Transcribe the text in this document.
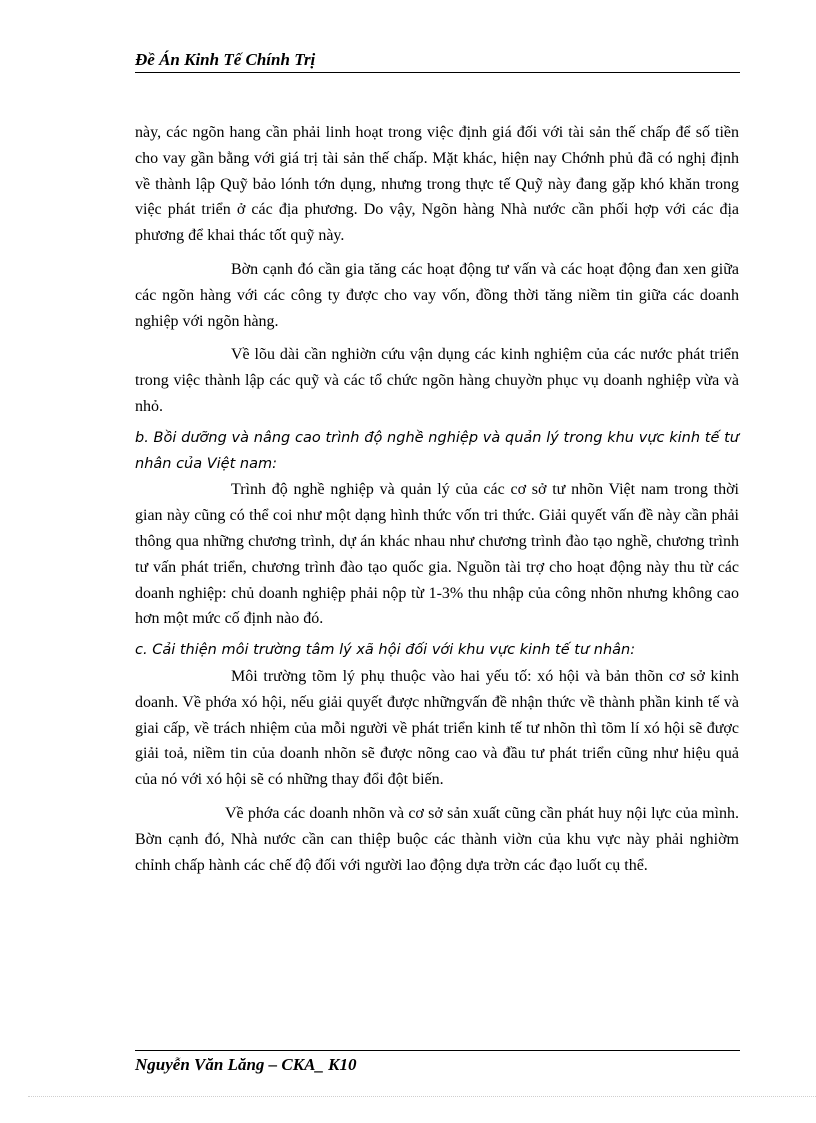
Đề Án Kinh Tế Chính Trị

này, các ngõn hang cần phải linh hoạt trong việc định giá đối với tài sản thế chấp để số tiền cho vay gần bằng với giá trị tài sản thế chấp. Mặt khác, hiện nay Chớnh phủ đã có nghị định về thành lập Quỹ bảo lónh tớn dụng, nhưng trong thực tế Quỹ này đang gặp khó khăn trong việc phát triển ở các địa phương. Do vậy, Ngõn hàng Nhà nước cần phối hợp với các địa phương để khai thác tốt quỹ này.

Bờn cạnh đó cần gia tăng các hoạt động tư vấn và các hoạt động đan xen giữa các ngõn hàng với các công ty được cho vay vốn, đồng thời tăng niềm tin giữa các doanh nghiệp với ngõn hàng.

Về lõu dài cần nghiờn cứu vận dụng các kinh nghiệm của các nước phát triển trong việc thành lập các quỹ và các tổ chức ngõn hàng chuyờn phục vụ doanh nghiệp vừa và nhỏ.

b. Bồi dưỡng và nâng cao trình độ nghề nghiệp và quản lý trong khu vực kinh tế tư nhân của Việt nam:

Trình độ nghề nghiệp và quản lý của các cơ sở tư nhõn Việt nam trong thời gian này cũng có thể coi như một dạng hình thức vốn tri thức. Giải quyết vấn đề này cần phải thông qua những chương trình, dự án khác nhau như chương trình đào tạo nghề, chương trình tư vấn phát triển, chương trình đào tạo quốc gia. Nguồn tài trợ cho hoạt động này thu từ các doanh nghiệp: chủ doanh nghiệp phải nộp từ 1-3% thu nhập của công nhõn nhưng không cao hơn một mức cố định nào đó.

c. Cải thiện môi trường tâm lý xã hội đối với khu vực kinh tế tư nhân:

Môi trường tõm lý phụ thuộc vào hai yếu tố: xó hội và bản thõn cơ sở kinh doanh. Về phớa xó hội, nếu giải quyết được nhữngvấn đề nhận thức về thành phần kinh tế và giai cấp, về trách nhiệm của mỗi người về phát triển kinh tế tư nhõn thì tõm lí xó hội sẽ được giải toả, niềm tin của doanh nhõn sẽ được nõng cao và đầu tư phát triển cũng như hiệu quả của nó với xó hội sẽ có những thay đổi đột biến.

Về phớa các doanh nhõn và cơ sở sản xuất cũng cần phát huy nội lực của mình. Bờn cạnh đó, Nhà nước cần can thiệp buộc các thành viờn của khu vực này phải nghiờm chỉnh chấp hành các chế độ đối với người lao động dựa trờn các đạo luốt cụ thể.

Nguyễn Văn Lăng – CKA_ K10
